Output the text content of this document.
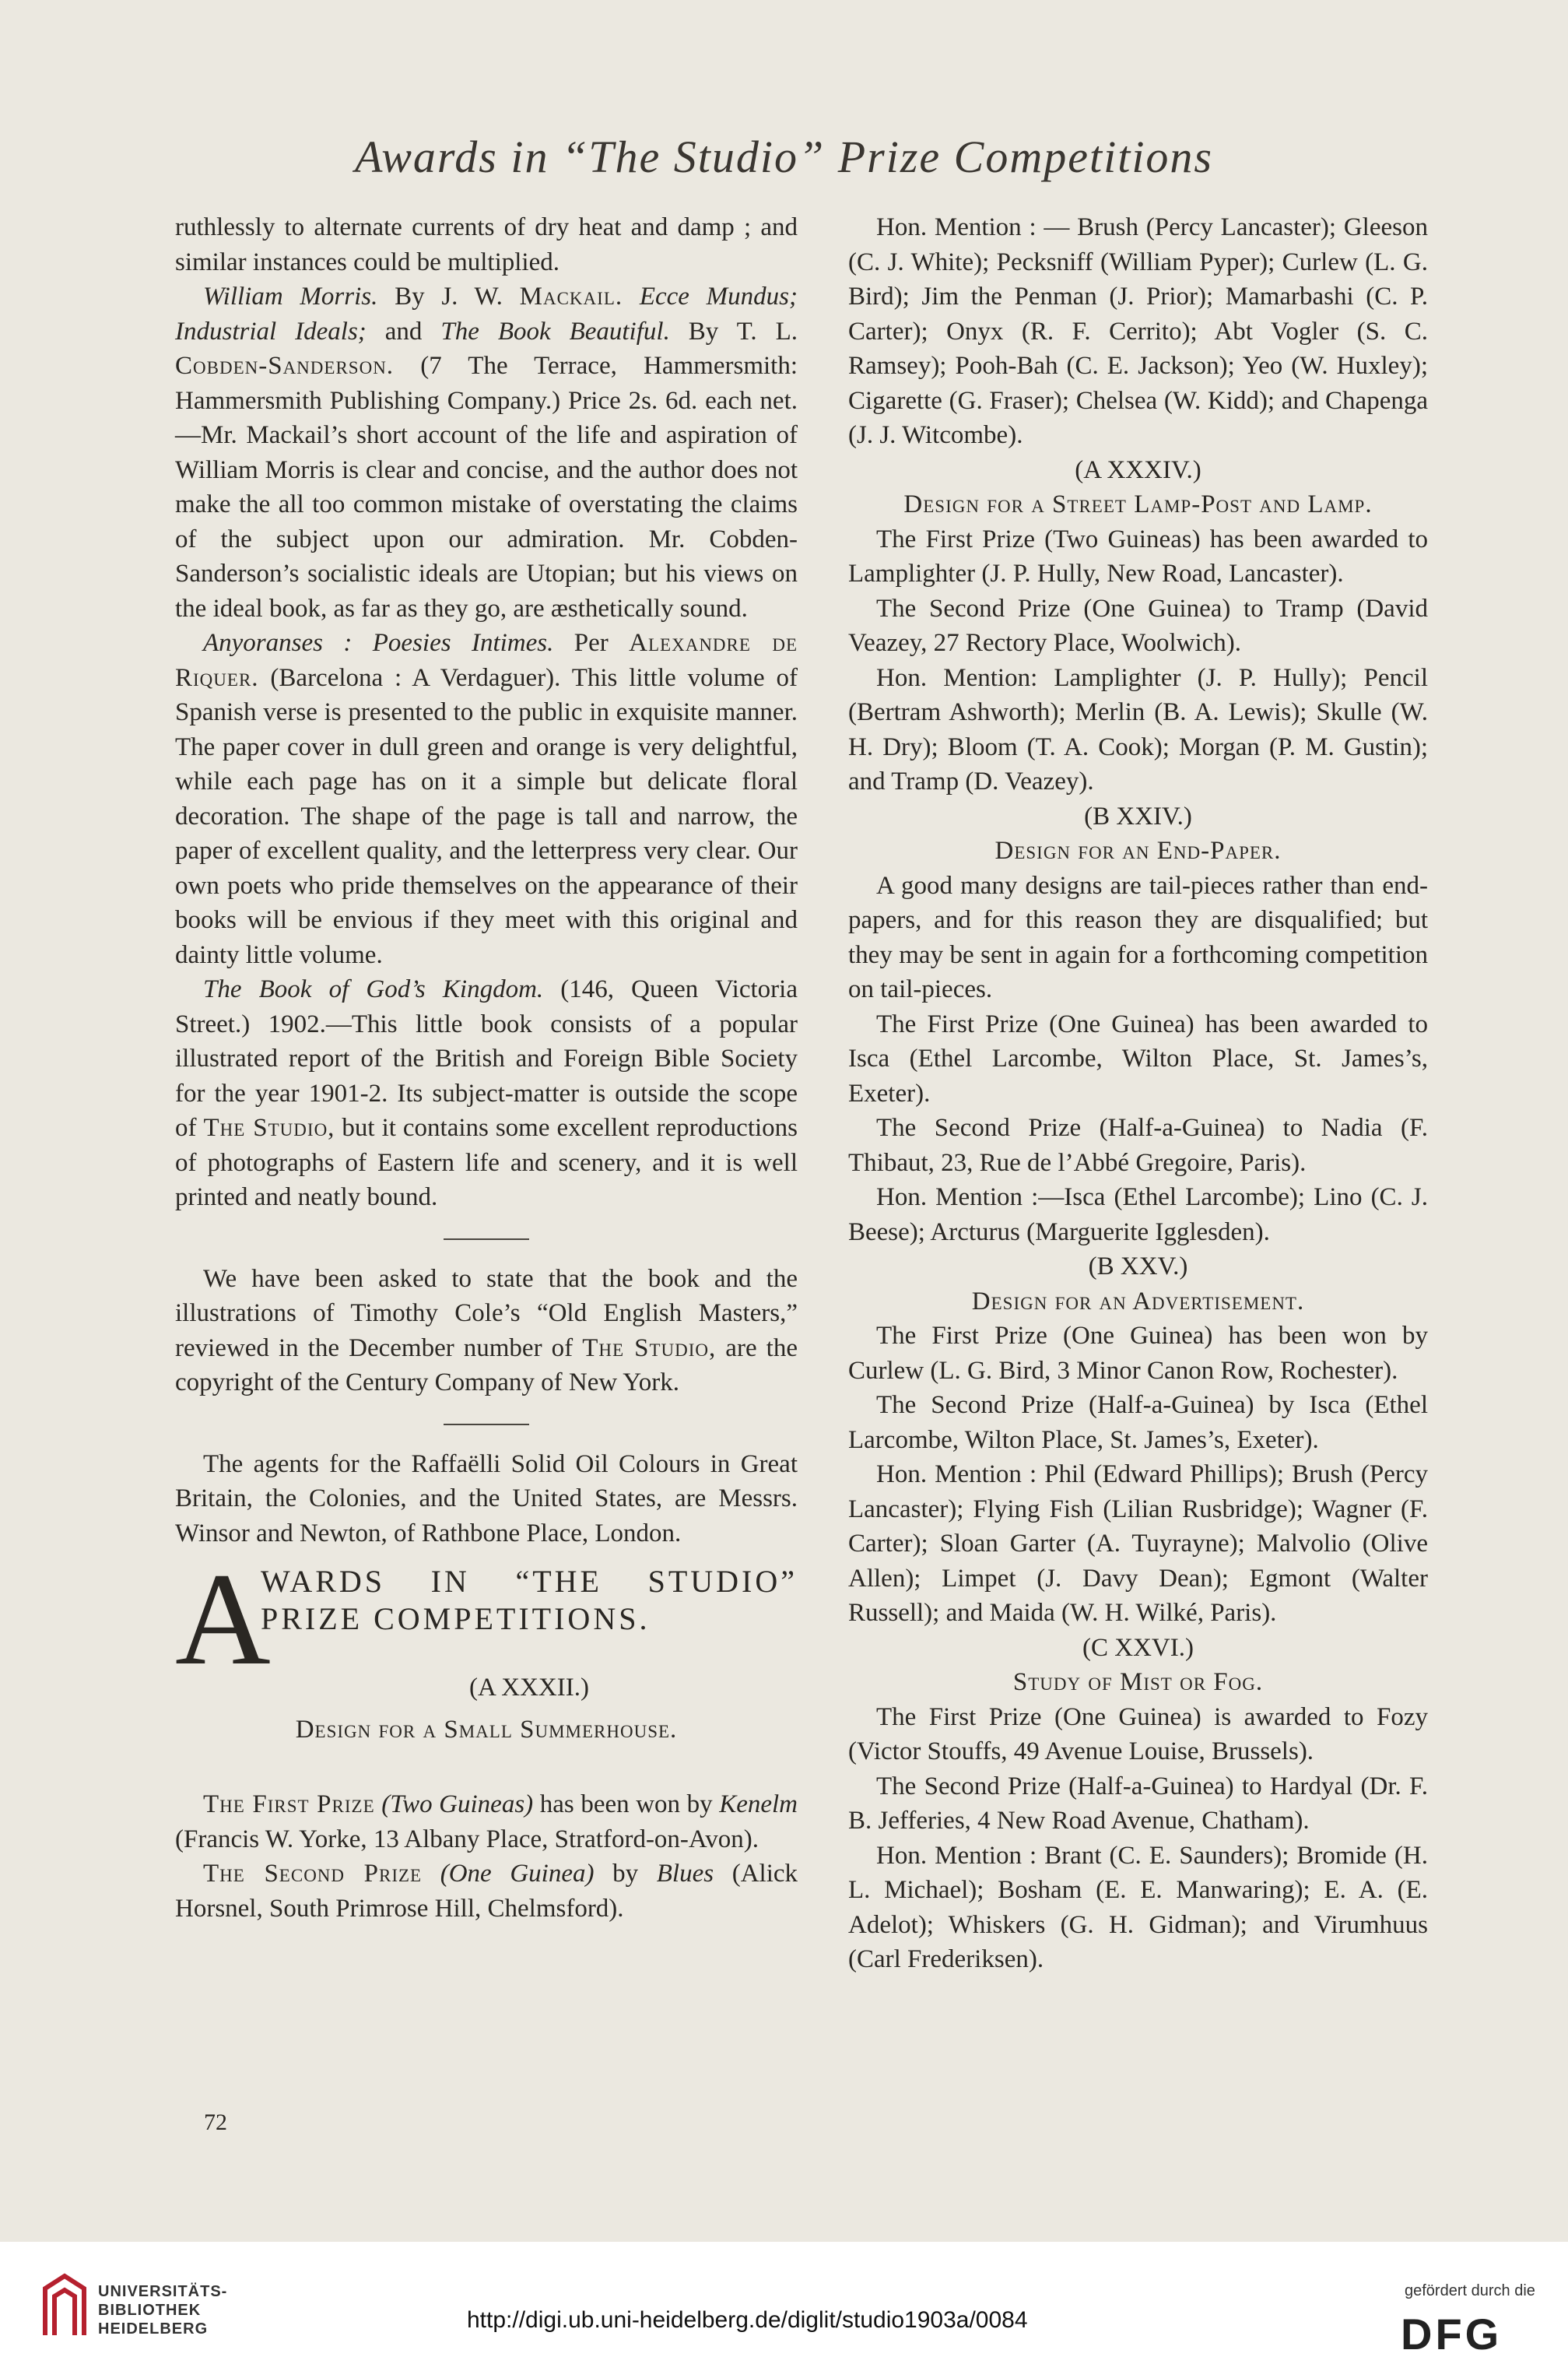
Awards in “The Studio” Prize Competitions

ruthlessly to alternate currents of dry heat and damp ; and similar instances could be multiplied.

William Morris. By J. W. Mackail. Ecce Mundus; Industrial Ideals; and The Book Beautiful. By T. L. Cobden-Sanderson. (7 The Terrace, Hammersmith: Hammersmith Publishing Company.) Price 2s. 6d. each net.—Mr. Mackail’s short account of the life and aspiration of William Morris is clear and concise, and the author does not make the all too common mistake of overstating the claims of the subject upon our admiration. Mr. Cobden-Sanderson’s socialistic ideals are Utopian; but his views on the ideal book, as far as they go, are æsthetically sound.

Anyoranses : Poesies Intimes. Per Alexandre de Riquer. (Barcelona : A Verdaguer). This little volume of Spanish verse is presented to the public in exquisite manner. The paper cover in dull green and orange is very delightful, while each page has on it a simple but delicate floral decoration. The shape of the page is tall and narrow, the paper of excellent quality, and the letterpress very clear. Our own poets who pride themselves on the appearance of their books will be envious if they meet with this original and dainty little volume.

The Book of God’s Kingdom. (146, Queen Victoria Street.) 1902.—This little book consists of a popular illustrated report of the British and Foreign Bible Society for the year 1901-2. Its subject-matter is outside the scope of The Studio, but it contains some excellent reproductions of photographs of Eastern life and scenery, and it is well printed and neatly bound.

We have been asked to state that the book and the illustrations of Timothy Cole’s “Old English Masters,” reviewed in the December number of The Studio, are the copyright of the Century Company of New York.

The agents for the Raffaëlli Solid Oil Colours in Great Britain, the Colonies, and the United States, are Messrs. Winsor and Newton, of Rathbone Place, London.

A
WARDS IN “THE STUDIO”
PRIZE COMPETITIONS.
(A XXXII.)
Design for a Small Summerhouse.

The First Prize (Two Guineas) has been won by Kenelm (Francis W. Yorke, 13 Albany Place, Stratford-on-Avon).

The Second Prize (One Guinea) by Blues (Alick Horsnel, South Primrose Hill, Chelmsford).

Hon. Mention : — Brush (Percy Lancaster); Gleeson (C. J. White); Pecksniff (William Pyper); Curlew (L. G. Bird); Jim the Penman (J. Prior); Mamarbashi (C. P. Carter); Onyx (R. F. Cerrito); Abt Vogler (S. C. Ramsey); Pooh-Bah (C. E. Jackson); Yeo (W. Huxley); Cigarette (G. Fraser); Chelsea (W. Kidd); and Chapenga (J. J. Witcombe).

(A XXXIV.)

Design for a Street Lamp-Post and Lamp.

The First Prize (Two Guineas) has been awarded to Lamplighter (J. P. Hully, New Road, Lancaster).

The Second Prize (One Guinea) to Tramp (David Veazey, 27 Rectory Place, Woolwich).

Hon. Mention: Lamplighter (J. P. Hully); Pencil (Bertram Ashworth); Merlin (B. A. Lewis); Skulle (W. H. Dry); Bloom (T. A. Cook); Morgan (P. M. Gustin); and Tramp (D. Veazey).

(B XXIV.)

Design for an End-Paper.

A good many designs are tail-pieces rather than end-papers, and for this reason they are disqualified; but they may be sent in again for a forthcoming competition on tail-pieces.

The First Prize (One Guinea) has been awarded to Isca (Ethel Larcombe, Wilton Place, St. James’s, Exeter).

The Second Prize (Half-a-Guinea) to Nadia (F. Thibaut, 23, Rue de l’Abbé Gregoire, Paris).

Hon. Mention :—Isca (Ethel Larcombe); Lino (C. J. Beese); Arcturus (Marguerite Igglesden).

(B XXV.)

Design for an Advertisement.

The First Prize (One Guinea) has been won by Curlew (L. G. Bird, 3 Minor Canon Row, Rochester).

The Second Prize (Half-a-Guinea) by Isca (Ethel Larcombe, Wilton Place, St. James’s, Exeter).

Hon. Mention : Phil (Edward Phillips); Brush (Percy Lancaster); Flying Fish (Lilian Rusbridge); Wagner (F. Carter); Sloan Garter (A. Tuyrayne); Malvolio (Olive Allen); Limpet (J. Davy Dean); Egmont (Walter Russell); and Maida (W. H. Wilké, Paris).

(C XXVI.)

Study of Mist or Fog.

The First Prize (One Guinea) is awarded to Fozy (Victor Stouffs, 49 Avenue Louise, Brussels).

The Second Prize (Half-a-Guinea) to Hardyal (Dr. F. B. Jefferies, 4 New Road Avenue, Chatham).

Hon. Mention : Brant (C. E. Saunders); Bromide (H. L. Michael); Bosham (E. E. Manwaring); E. A. (E. Adelot); Whiskers (G. H. Gidman); and Virumhuus (Carl Frederiksen).

72
UNIVERSITÄTS-
BIBLIOTHEK
HEIDELBERG	http://digi.ub.uni-heidelberg.de/diglit/studio1903a/0084
gefördert durch die
DFG
